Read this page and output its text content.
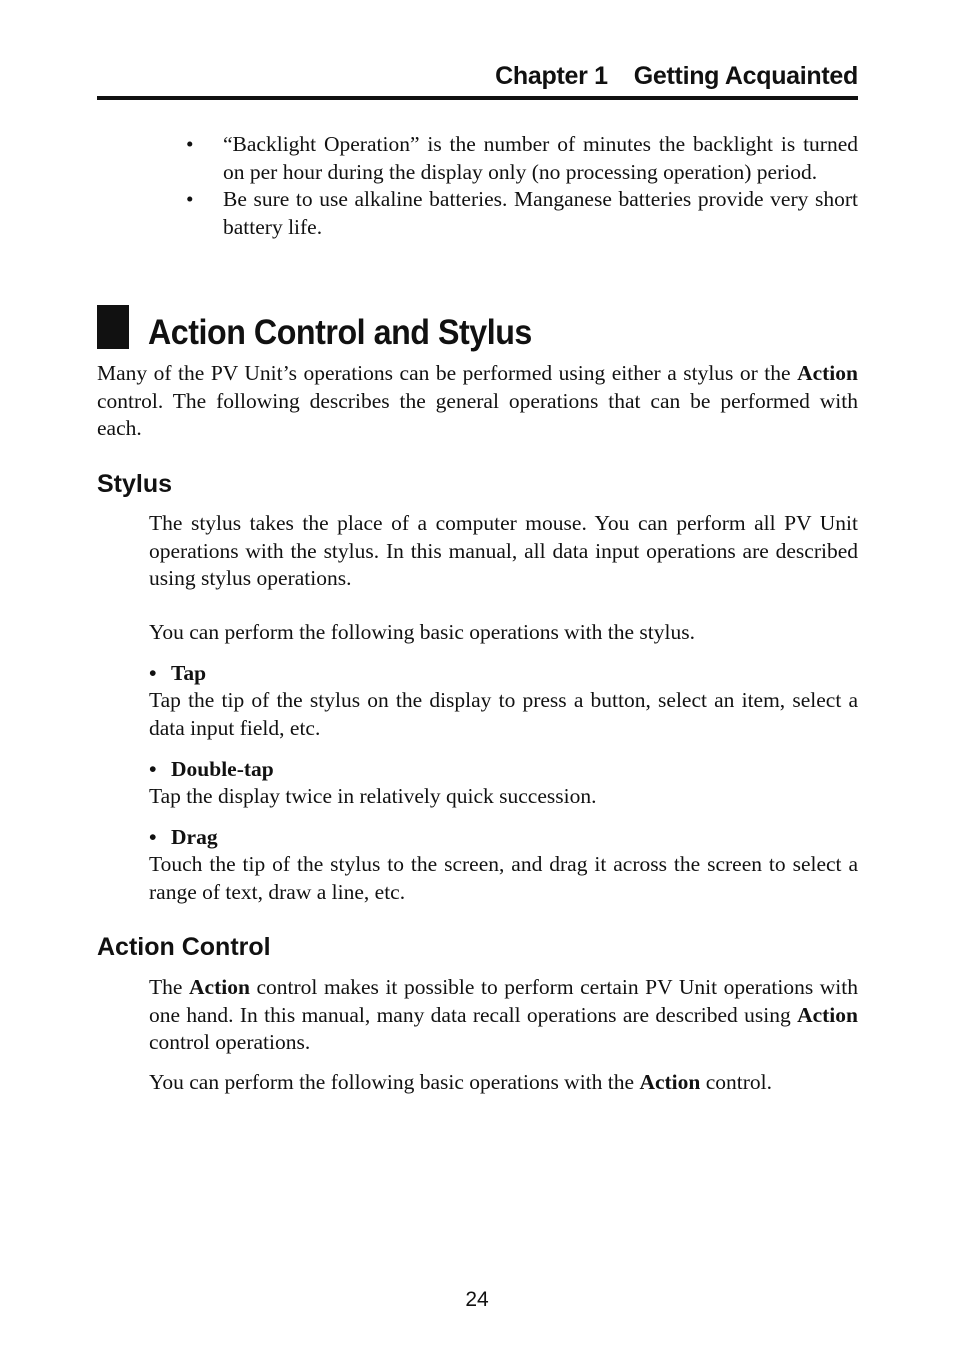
Chapter 1 Getting Acquainted
• “Backlight Operation” is the number of minutes the backlight is turned on per hour during the display only (no processing operation) period.
• Be sure to use alkaline batteries. Manganese batteries provide very short battery life.
Action Control and Stylus

Many of the PV Unit’s operations can be performed using either a stylus or the Action control. The following describes the general operations that can be performed with each.

Stylus

The stylus takes the place of a computer mouse. You can perform all PV Unit operations with the stylus. In this manual, all data input operations are described using stylus operations.

You can perform the following basic operations with the stylus.

• Tap

Tap the tip of the stylus on the display to press a button, select an item, select a data input field, etc.

• Double-tap

Tap the display twice in relatively quick succession.

• Drag

Touch the tip of the stylus to the screen, and drag it across the screen to select a range of text, draw a line, etc.

Action Control

The Action control makes it possible to perform certain PV Unit operations with one hand. In this manual, many data recall operations are described using Action control operations.

You can perform the following basic operations with the Action control.

24
